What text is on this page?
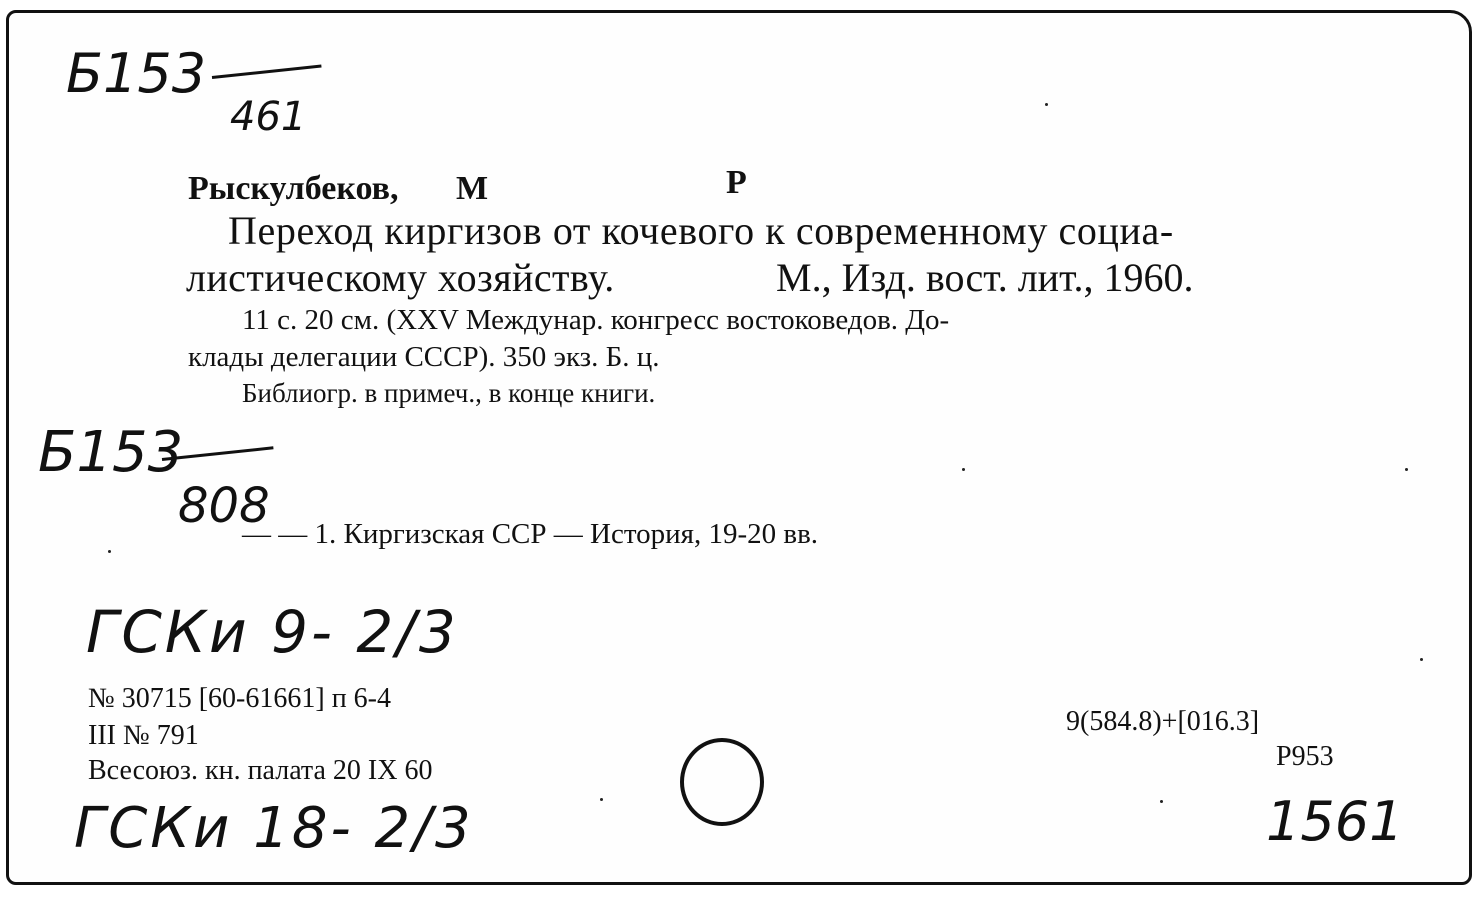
Б153
461
Б153
808
Рыскулбеков, М	Р
Переход киргизов от кочевого к современному социа-
листическому хозяйству.	М., Изд. вост. лит., 1960.
11 с. 20 см. (XXV Междунар. конгресс востоковедов. До-
клады делегации СССР). 350 экз. Б. ц.
Библиогр. в примеч., в конце книги.
— — 1. Киргизская ССР — История, 19-20 вв.
ГСКи 9- 2/3
№ 30715 [60-61661] п 6-4
III № 791
Всесоюз. кн. палата 20 IX 60
9(584.8)+[016.3]
Р953
ГСКи 18- 2/3	1561
